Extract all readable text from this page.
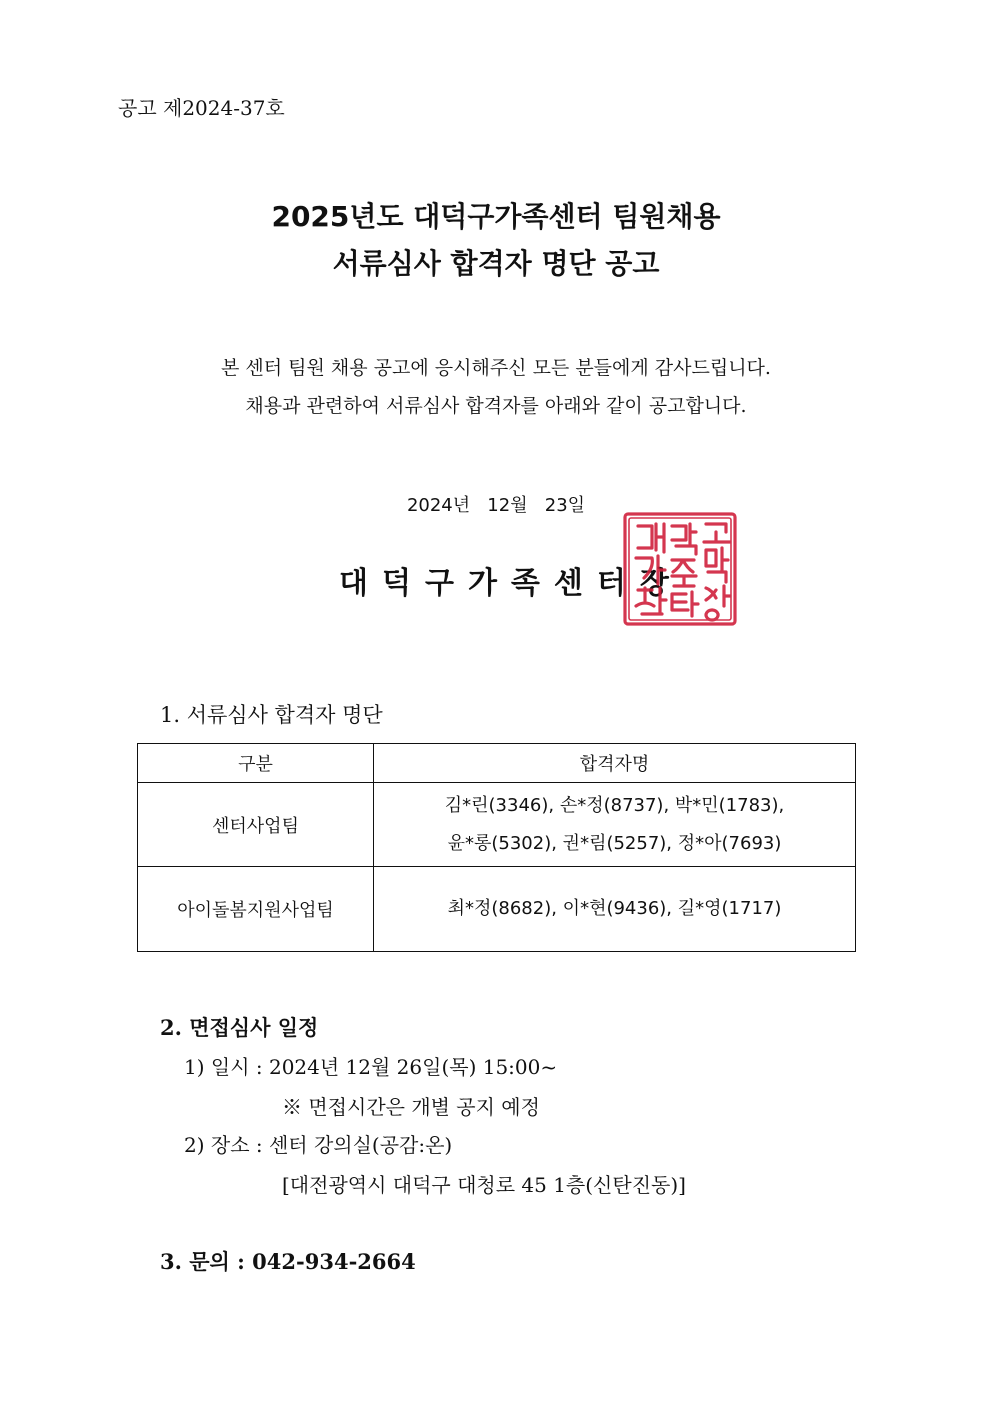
공고 제2024-37호
2025년도 대덕구가족센터 팀원채용
서류심사 합격자 명단 공고
본 센터 팀원 채용 공고에 응시해주신 모든 분들에게 감사드립니다.
채용과 관련하여 서류심사 합격자를 아래와 같이 공고합니다.
2024년   12월   23일
대덕구가족센터장
1. 서류심사 합격자 명단
구분	합격자명
센터사업팀	김*린(3346), 손*정(8737), 박*민(1783),
윤*롱(5302), 권*림(5257), 정*아(7693)

아이돌봄지원사업팀	최*정(8682), 이*현(9436), 길*영(1717)
2. 면접심사 일정
1) 일시 : 2024년 12월 26일(목) 15:00~
※ 면접시간은 개별 공지 예정
2) 장소 : 센터 강의실(공감:온)
[대전광역시 대덕구 대청로 45 1층(신탄진동)]
3. 문의 : 042-934-2664
